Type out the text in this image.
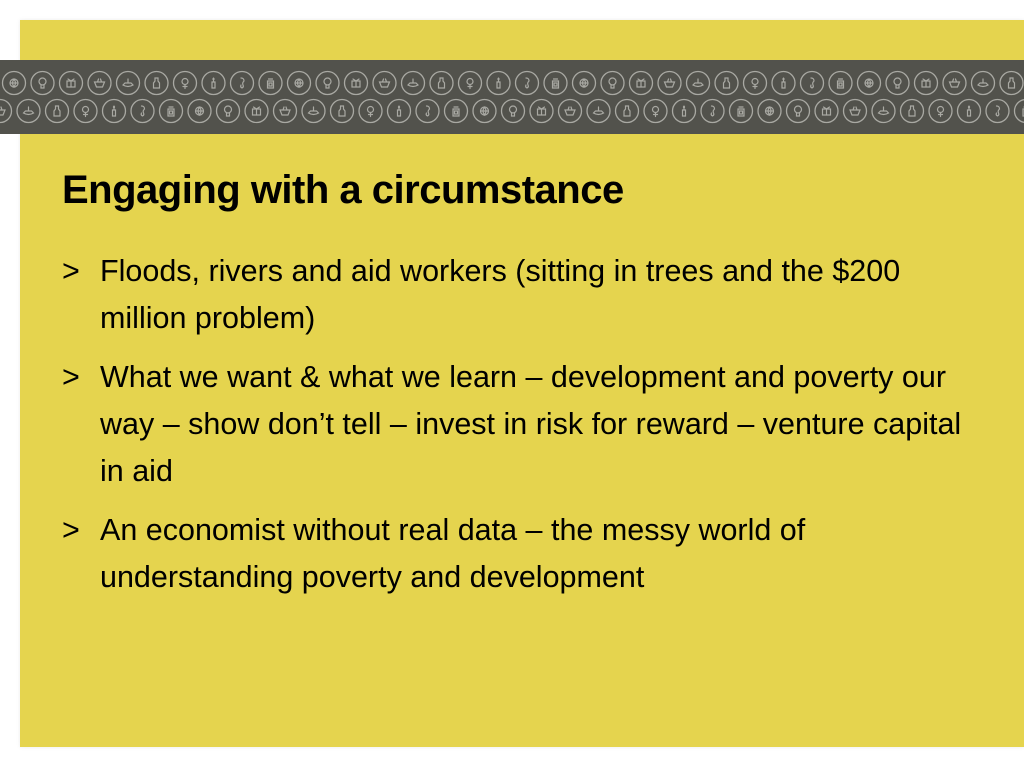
Engaging with a circumstance
> Floods, rivers and aid workers (sitting in trees and the $200 million problem)
> What we want & what we learn – development and poverty our way – show don’t tell – invest in risk for reward – venture capital in aid
> An economist without real data – the messy world of understanding poverty and development
